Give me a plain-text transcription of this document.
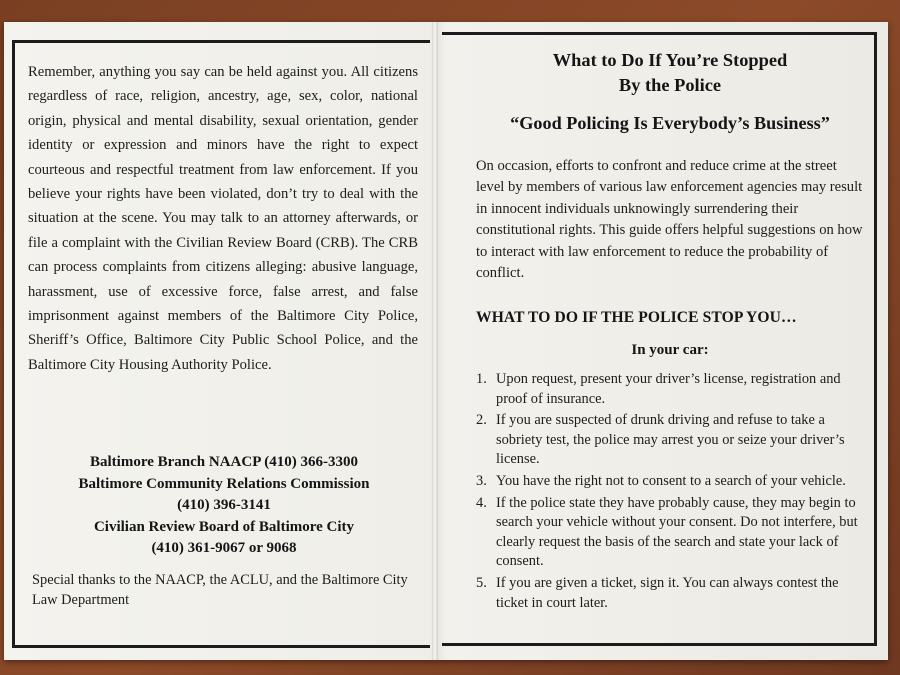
Remember, anything you say can be held against you. All citizens regardless of race, religion, ancestry, age, sex, color, national origin, physical and mental disability, sexual orientation, gender identity or expression and minors have the right to expect courteous and respectful treatment from law enforcement. If you believe your rights have been violated, don’t try to deal with the situation at the scene. You may talk to an attorney afterwards, or file a complaint with the Civilian Review Board (CRB). The CRB can process complaints from citizens alleging: abusive language, harassment, use of excessive force, false arrest, and false imprisonment against members of the Baltimore City Police, Sheriff’s Office, Baltimore City Public School Police, and the Baltimore City Housing Authority Police.
Baltimore Branch NAACP (410) 366-3300
Baltimore Community Relations Commission
(410) 396-3141
Civilian Review Board of Baltimore City
(410) 361-9067 or 9068
Special thanks to the NAACP, the ACLU, and the Baltimore City Law Department
What to Do If You’re Stopped
By the Police
“Good Policing Is Everybody’s Business”
On occasion, efforts to confront and reduce crime at the street level by members of various law enforcement agencies may result in innocent individuals unknowingly surrendering their constitutional rights. This guide offers helpful suggestions on how to interact with law enforcement to reduce the probability of conflict.
WHAT TO DO IF THE POLICE STOP YOU…
In your car:
1. Upon request, present your driver’s license, registration and proof of insurance.
2. If you are suspected of drunk driving and refuse to take a sobriety test, the police may arrest you or seize your driver’s license.
3. You have the right not to consent to a search of your vehicle.
4. If the police state they have probably cause, they may begin to search your vehicle without your consent. Do not interfere, but clearly request the basis of the search and state your lack of consent.
5. If you are given a ticket, sign it. You can always contest the ticket in court later.
